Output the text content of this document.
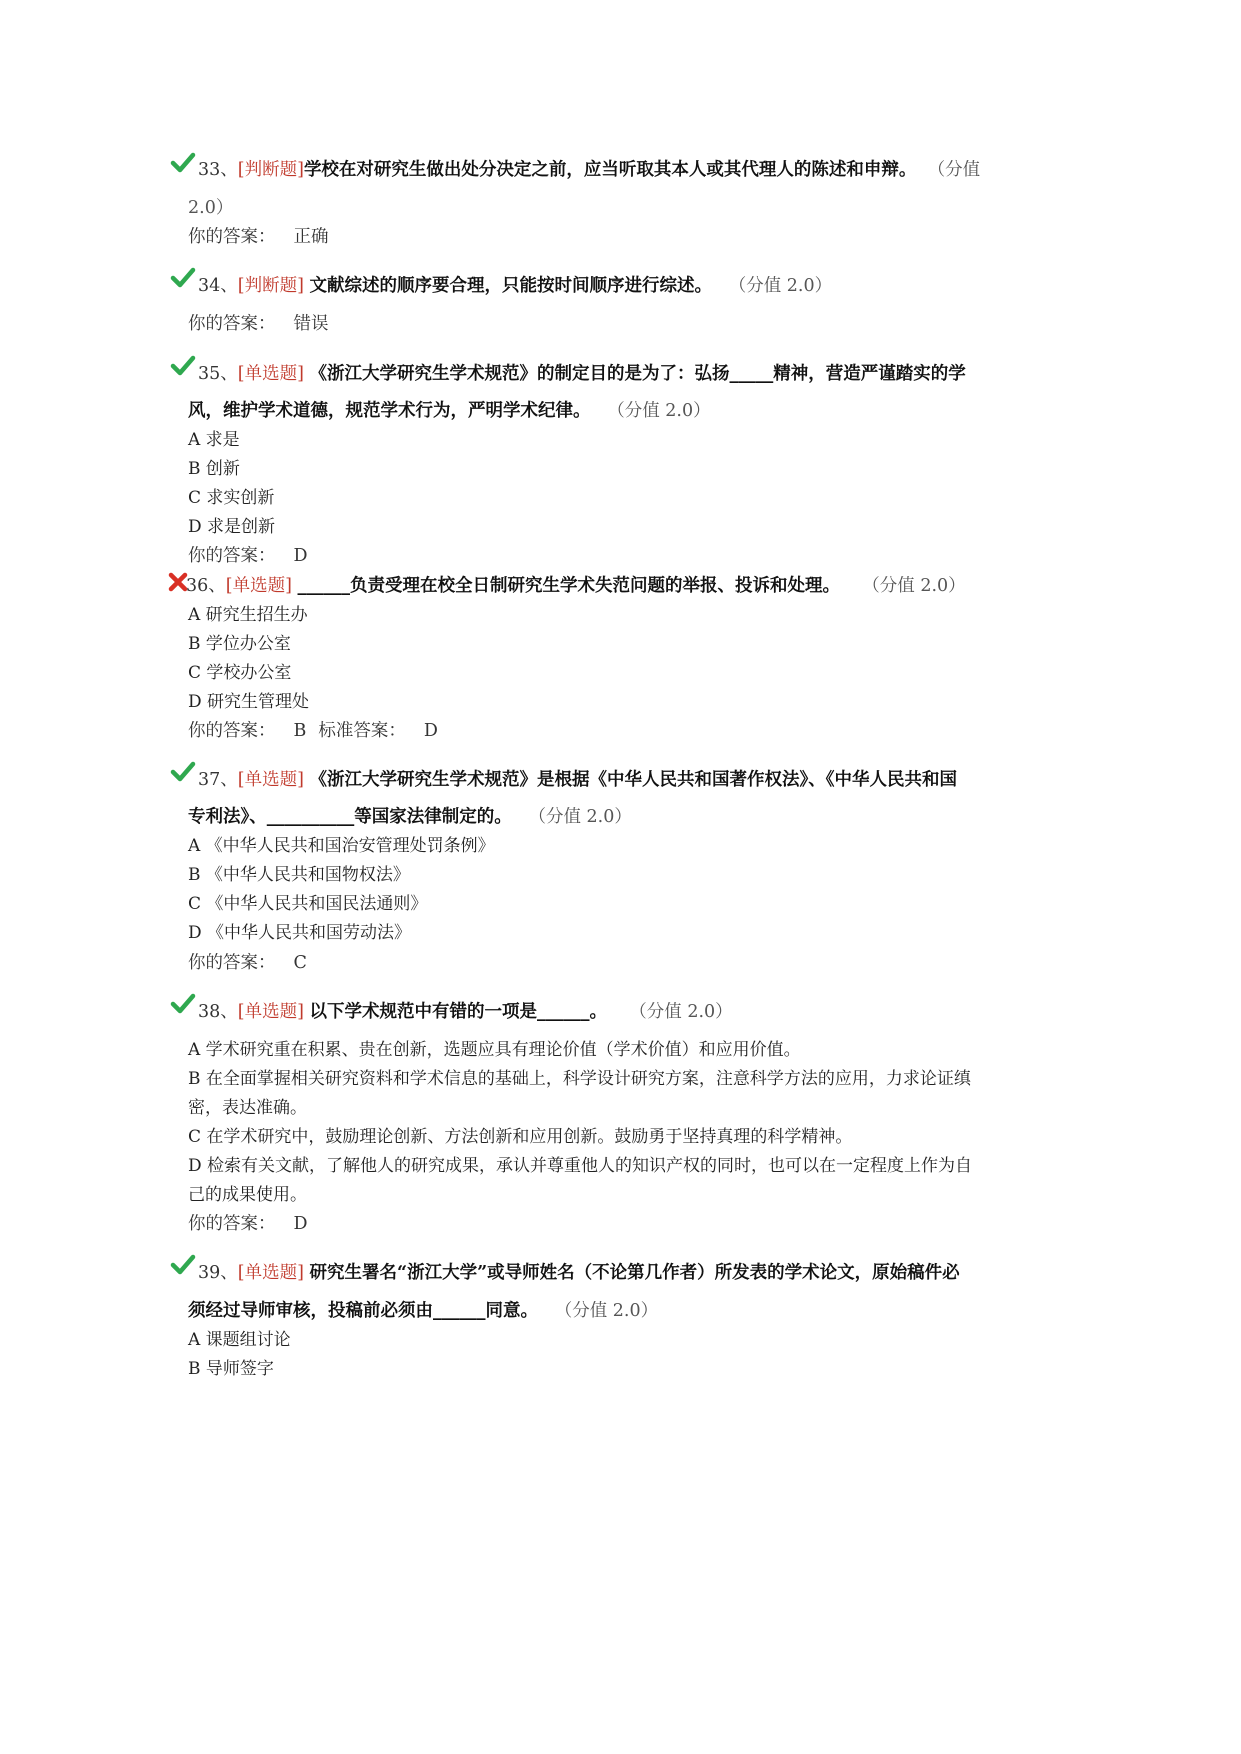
33、[判断题]学校在对研究生做出处分决定之前，应当听取其本人或其代理人的陈述和申辩。 （分值
2.0）
你的答案： 正确
34、[判断题] 文献综述的顺序要合理，只能按时间顺序进行综述。 （分值 2.0）
你的答案： 错误
35、[单选题] 《浙江大学研究生学术规范》的制定目的是为了：弘扬_____精神，营造严谨踏实的学
风，维护学术道德，规范学术行为，严明学术纪律。 （分值 2.0）
A 求是
B 创新
C 求实创新
D 求是创新
你的答案： D
36、[单选题] ______负责受理在校全日制研究生学术失范问题的举报、投诉和处理。 （分值 2.0）
A 研究生招生办
B 学位办公室
C 学校办公室
D 研究生管理处
你的答案： B 标准答案： D
37、[单选题] 《浙江大学研究生学术规范》是根据《中华人民共和国著作权法》、《中华人民共和国
专利法》、__________等国家法律制定的。 （分值 2.0）
A 《中华人民共和国治安管理处罚条例》
B 《中华人民共和国物权法》
C 《中华人民共和国民法通则》
D 《中华人民共和国劳动法》
你的答案： C
38、[单选题] 以下学术规范中有错的一项是______。 （分值 2.0）
A 学术研究重在积累、贵在创新，选题应具有理论价值（学术价值）和应用价值。
B 在全面掌握相关研究资料和学术信息的基础上，科学设计研究方案，注意科学方法的应用，力求论证缜
密，表达准确。
C 在学术研究中，鼓励理论创新、方法创新和应用创新。鼓励勇于坚持真理的科学精神。
D 检索有关文献，了解他人的研究成果，承认并尊重他人的知识产权的同时，也可以在一定程度上作为自
己的成果使用。
你的答案： D
39、[单选题] 研究生署名“浙江大学”或导师姓名（不论第几作者）所发表的学术论文，原始稿件必
须经过导师审核，投稿前必须由______同意。 （分值 2.0）
A 课题组讨论
B 导师签字
